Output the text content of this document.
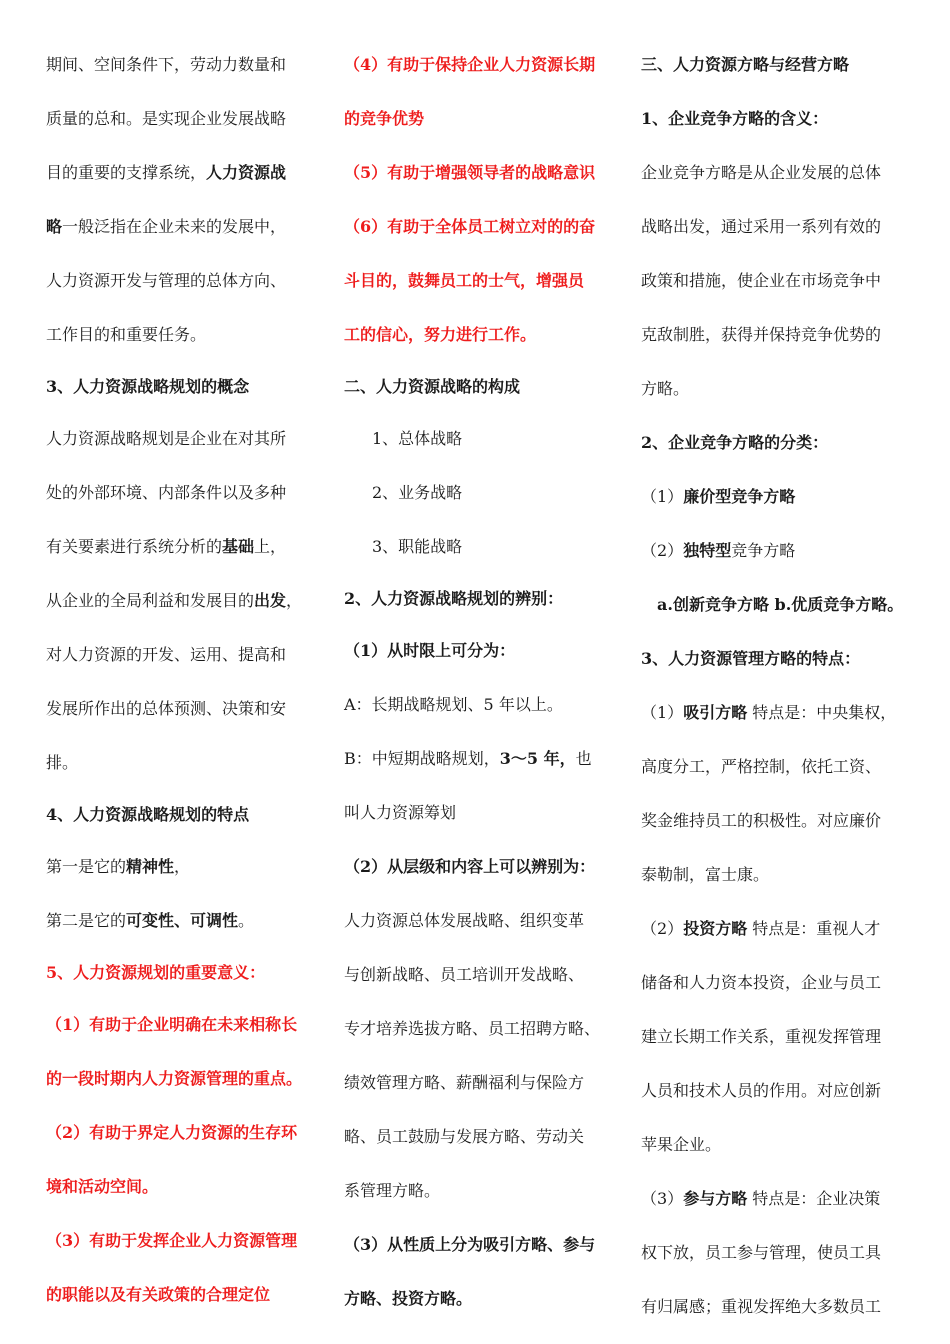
期间、空间条件下，劳动力数量和

质量的总和。是实现企业发展战略

目的重要的支撑系统，人力资源战

略一般泛指在企业未来的发展中，

人力资源开发与管理的总体方向、

工作目的和重要任务。

3、人力资源战略规划的概念

人力资源战略规划是企业在对其所

处的外部环境、内部条件以及多种

有关要素进行系统分析的基础上，

从企业的全局利益和发展目的出发，

对人力资源的开发、运用、提高和

发展所作出的总体预测、决策和安

排。

4、人力资源战略规划的特点

第一是它的精神性，

第二是它的可变性、可调性。

5、人力资源规划的重要意义：

（1）有助于企业明确在未来相称长

的一段时期内人力资源管理的重点。

（2）有助于界定人力资源的生存环

境和活动空间。

（3）有助于发挥企业人力资源管理

的职能以及有关政策的合理定位

（4）有助于保持企业人力资源长期

的竞争优势

（5）有助于增强领导者的战略意识

（6）有助于全体员工树立对的的奋

斗目的，鼓舞员工的士气，增强员

工的信心，努力进行工作。

二、人力资源战略的构成

1、总体战略

2、业务战略

3、职能战略

2、人力资源战略规划的辨别：

（1）从时限上可分为：

A：长期战略规划、5 年以上。

B：中短期战略规划，3～5 年，也

叫人力资源筹划

（2）从层级和内容上可以辨别为：

人力资源总体发展战略、组织变革

与创新战略、员工培训开发战略、

专才培养选拔方略、员工招聘方略、

绩效管理方略、薪酬福利与保险方

略、员工鼓励与发展方略、劳动关

系管理方略。

（3）从性质上分为吸引方略、参与

方略、投资方略。

三、人力资源方略与经营方略

1、企业竞争方略的含义：

企业竞争方略是从企业发展的总体

战略出发，通过采用一系列有效的

政策和措施，使企业在市场竞争中

克敌制胜，获得并保持竞争优势的

方略。

2、企业竞争方略的分类：

（1）廉价型竞争方略

（2）独特型竞争方略

a.创新竞争方略 b.优质竞争方略。

3、人力资源管理方略的特点：

（1）吸引方略 特点是：中央集权，

高度分工，严格控制，依托工资、

奖金维持员工的积极性。对应廉价

泰勒制，富士康。

（2）投资方略 特点是：重视人才

储备和人力资本投资，企业与员工

建立长期工作关系，重视发挥管理

人员和技术人员的作用。对应创新

苹果企业。

（3）参与方略 特点是：企业决策

权下放，员工参与管理，使员工具

有归属感；重视发挥绝大多数员工
